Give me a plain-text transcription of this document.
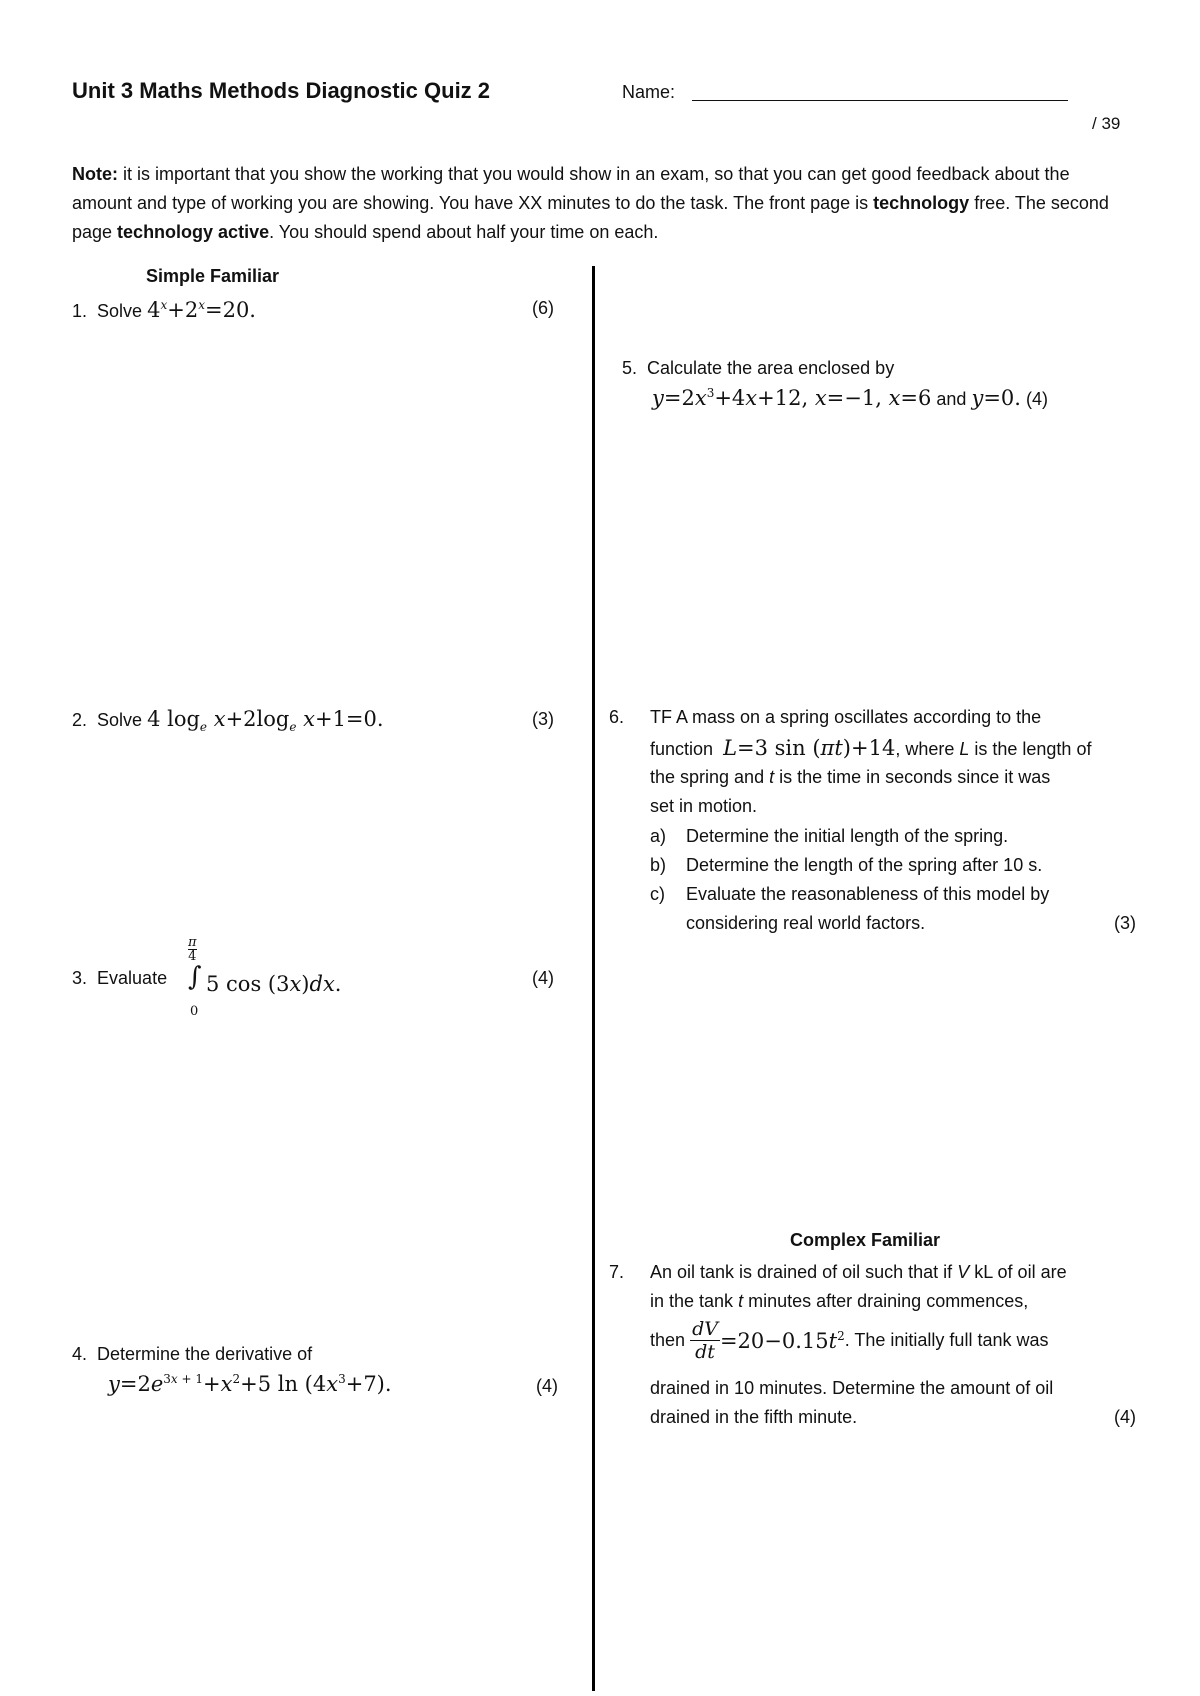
Unit 3 Maths Methods Diagnostic Quiz 2	Name:
/ 39
Note: it is important that you show the working that you would show in an exam, so that you can get good feedback about the amount and type of working you are showing. You have XX minutes to do the task. The front page is technology free. The second page technology active. You should spend about half your time on each.
Simple Familiar
1. Solve $4^x+2^x=20$.	(6)
2. Solve 4 $\log_e x+2\log_e$ x+1=0.	(3)
3. Evaluate
π
4
∫
0
5 cos (3x)dx.	(4)
4. Determine the derivative of
$y=2e^{3x + 1}+x^2+5$ $\ln (4x^3+7)$.	(4)
5. Calculate the area enclosed by
$y=2x^3+4x+12$, x=−1, x=6 and y=0. (4)
6. TF A mass on a spring oscillates according to the
function L=3 sin (πt)+14, where L is the length of
the spring and t is the time in seconds since it was
set in motion.
a) Determine the initial length of the spring.
b) Determine the length of the spring after 10 s.
c) Evaluate the reasonableness of this model by
considering real world factors.	(3)
Complex Familiar
7. An oil tank is drained of oil such that if V kL of oil are
in the tank t minutes after draining commences,
then $\frac{dV}{dt} =20-0.15t^2$. The initially full tank was
drained in 10 minutes. Determine the amount of oil
drained in the fifth minute.	(4)
